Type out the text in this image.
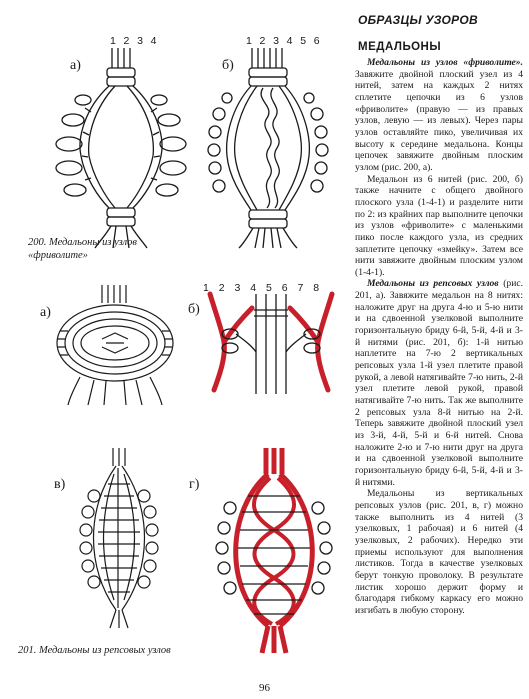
1 2 3 4
а)
1 2 3 4 5 6
б)
200. Медальоны из узлов
«фриволите»
а)
1 2 3 4 5 6 7 8
б)
в)	г)
201. Медальоны из репсовых узлов
ОБРАЗЦЫ УЗОРОВ
МЕДАЛЬОНЫ

Медальоны из узлов «фриволите». Завяжите двойной плоский узел из 4 нитей, затем на каждых 2 нитях сплетите цепочки из 6 узлов «фриволите» (правую — из правых узлов, левую — из левых). Через пары узлов оставляйте пико, увеличивая их высоту к середине медальона. Концы цепочек завяжите двойным плоским узлом (рис. 200, а).

Медальон из 6 нитей (рис. 200, б) также начните с общего двойного плоского узла (1-4-1) и разделите нити по 2: из крайних пар выполните цепочки из узлов «фриволите» с маленькими пико после каждого узла, из средних заплетите цепочку «змейку». Затем все нити завяжите двойным плоским узлом (1-4-1).

Медальоны из репсовых узлов (рис. 201, а). Завяжите медальон на 8 нитях: наложите друг на друга 4-ю и 5-ю нити и на сдвоенной узелковой выполните горизонтальную бриду 6-й, 5-й, 4-й и 3-й нитями (рис. 201, б): 1-й нитью наплетите на 7-ю 2 вертикальных репсовых узла 1-й узел плетите правой рукой, а левой натягивайте 7-ю нить, 2-й узел плетите левой рукой, правой натягивайте 7-ю нить. Так же выполните 2 репсовых узла 8-й нитью на 2-й. Теперь завяжите двойной плоский узел из 3-й, 4-й, 5-й и 6-й нитей. Снова наложите 2-ю и 7-ю нити друг на друга и на сдвоенной узелковой выполните горизонтальную бриду 6-й, 5-й, 4-й и 3-й нитями.

Медальоны из вертикальных репсовых узлов (рис. 201, в, г) можно также выполнить из 4 нитей (3 узелковых, 1 рабочая) и 6 нитей (4 узелковых, 2 рабочих). Нередко эти приемы используют для выполнения листиков. Тогда в качестве узелковых берут тонкую проволоку. В результате листик хорошо держит форму и благодаря гибкому каркасу его можно изгибать в любую сторону.

96
